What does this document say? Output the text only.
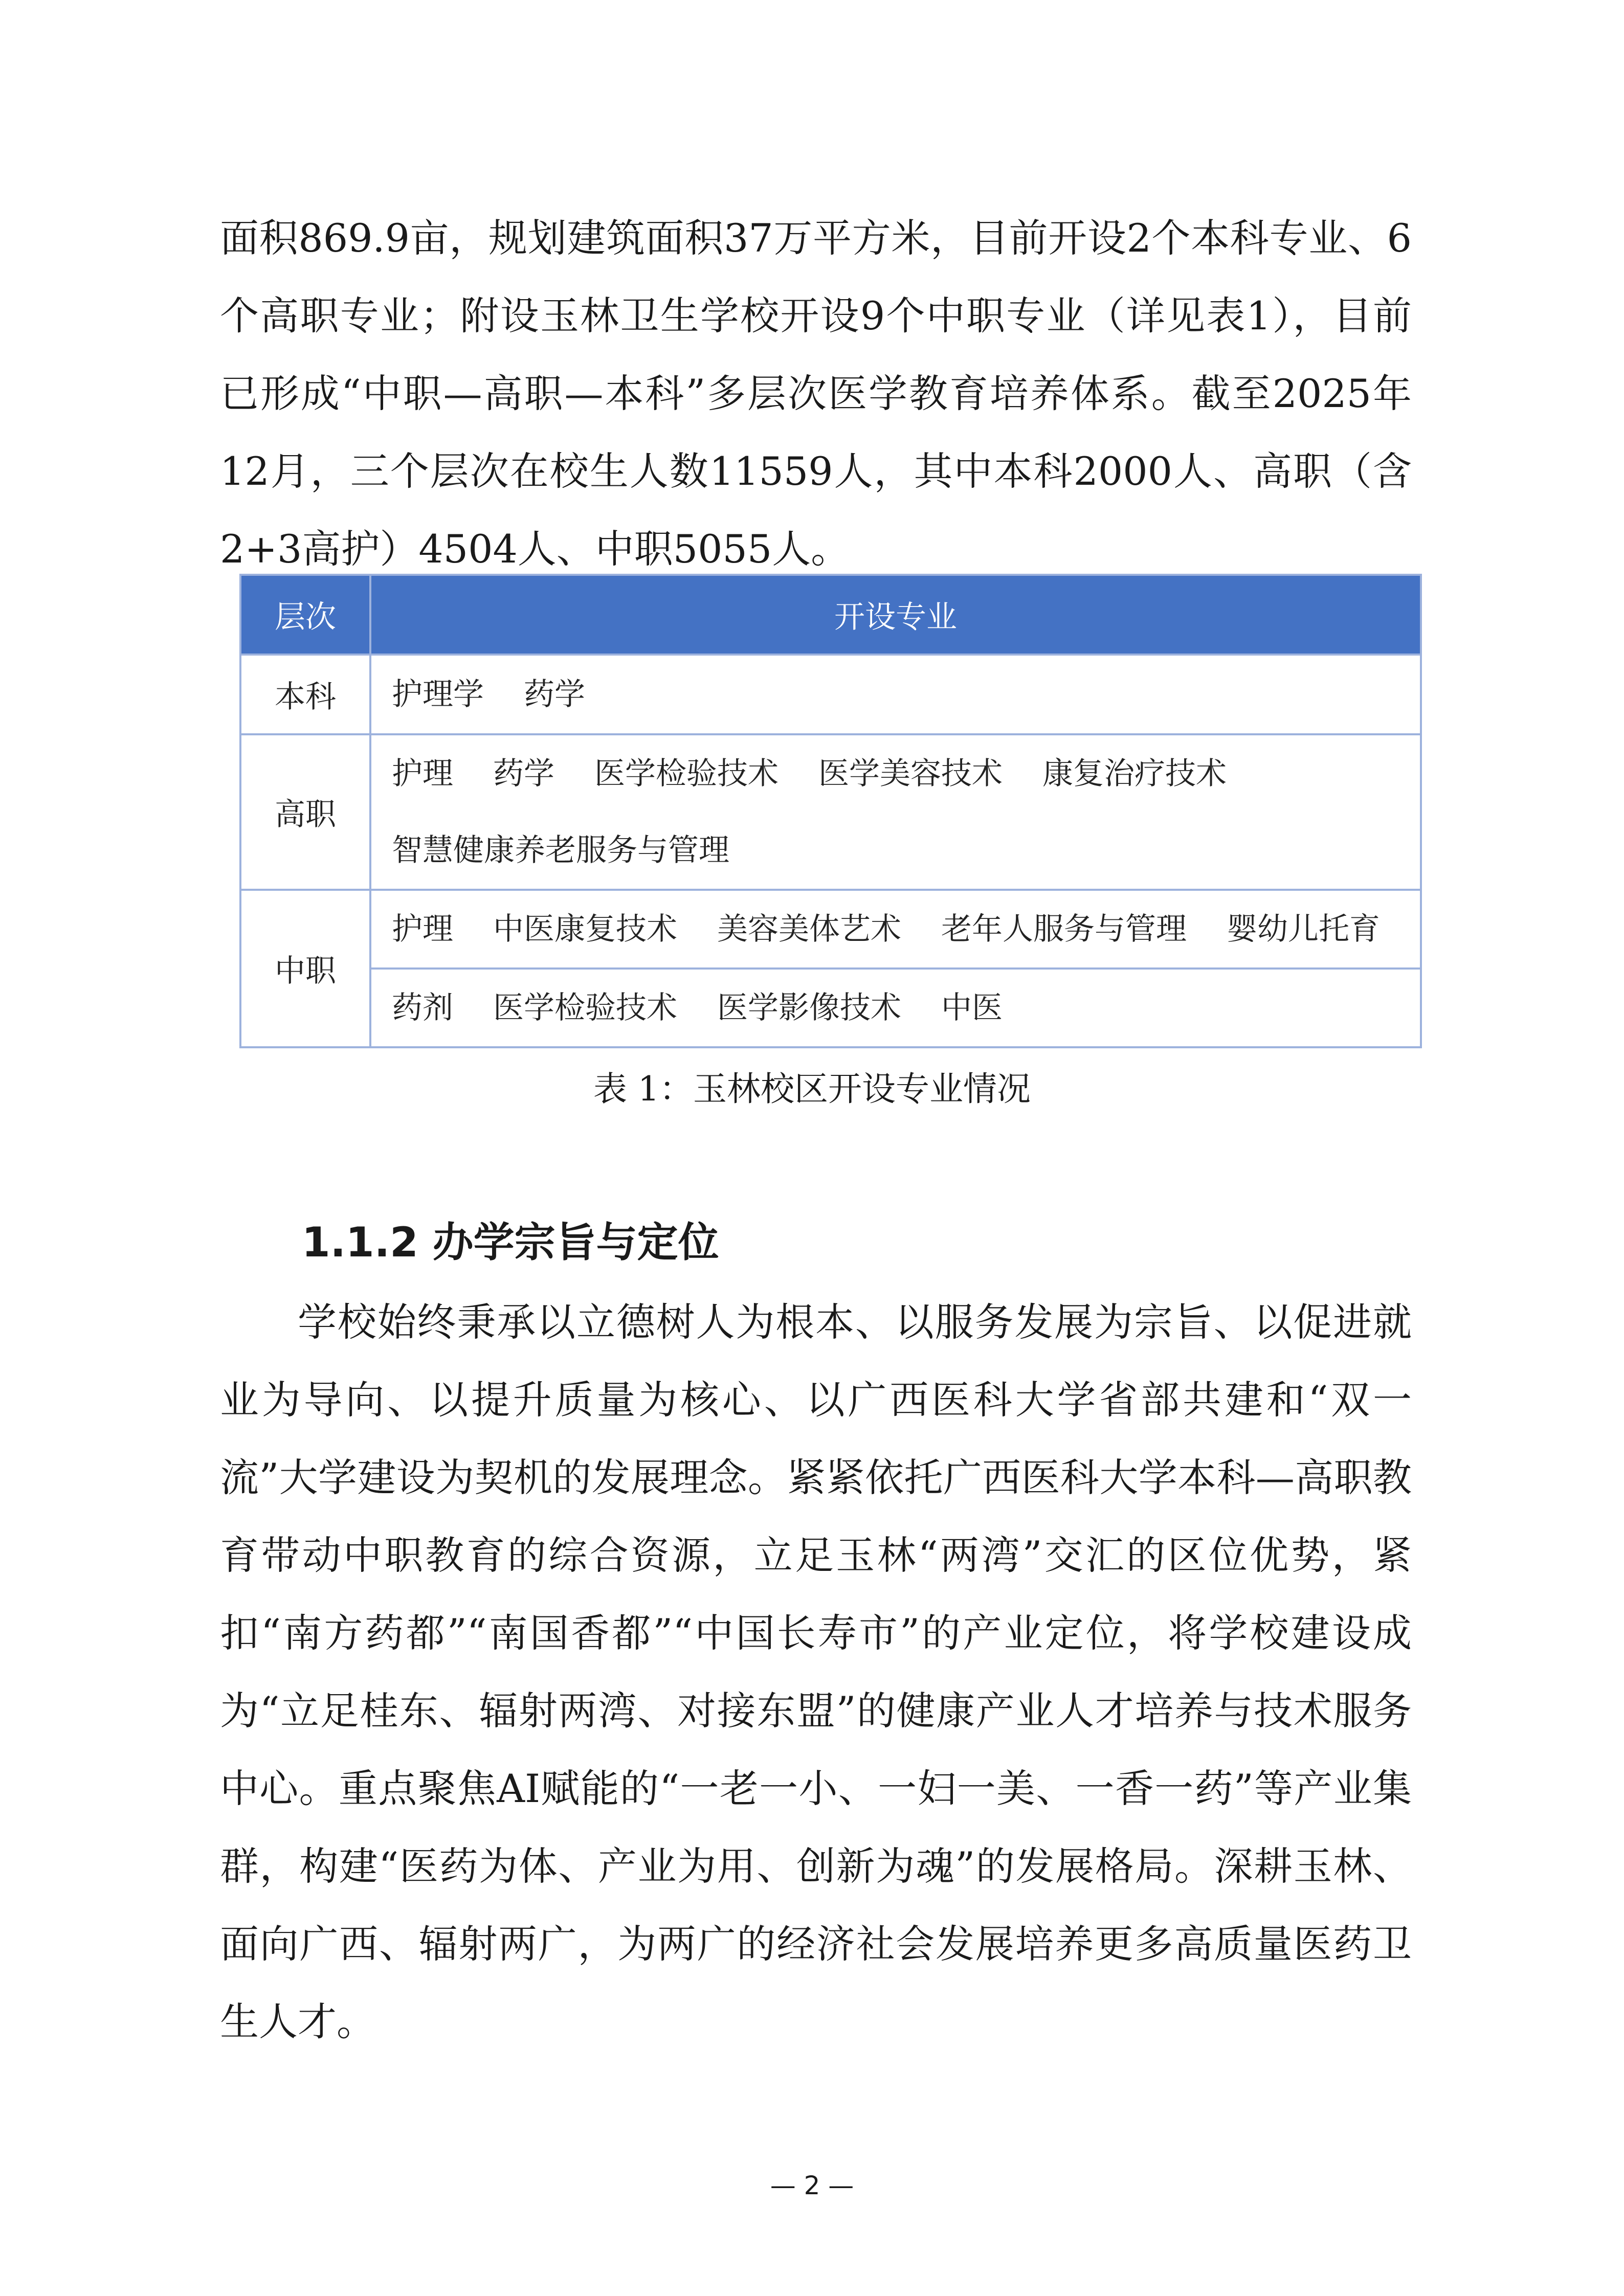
面积869.9亩，规划建筑面积37万平方米，目前开设2个本科专业、6个高职专业；附设玉林卫生学校开设9个中职专业（详见表1），目前已形成“中职—高职—本科”多层次医学教育培养体系。截至2025年12月，三个层次在校生人数11559人，其中本科2000人、高职（含2+3高护）4504人、中职5055人。

层次	开设专业
本科	护理学 药学

高职	护理 药学 医学检验技术 医学美容技术 康复治疗技术
智慧健康养老服务与管理

中职	护理 中医康复技术 美容美体艺术 老年人服务与管理 婴幼儿托育
药剂 医学检验技术 医学影像技术 中医
表 1：玉林校区开设专业情况
1.1.2 办学宗旨与定位

学校始终秉承以立德树人为根本、以服务发展为宗旨、以促进就业为导向、以提升质量为核心、以广西医科大学省部共建和“双一流”大学建设为契机的发展理念。紧紧依托广西医科大学本科—高职教育带动中职教育的综合资源，立足玉林“两湾”交汇的区位优势，紧扣“南方药都”“南国香都”“中国长寿市”的产业定位，将学校建设成为“立足桂东、辐射两湾、对接东盟”的健康产业人才培养与技术服务中心。重点聚焦AI赋能的“一老一小、一妇一美、一香一药”等产业集群，构建“医药为体、产业为用、创新为魂”的发展格局。深耕玉林、面向广西、辐射两广，为两广的经济社会发展培养更多高质量医药卫生人才。

— 2 —
